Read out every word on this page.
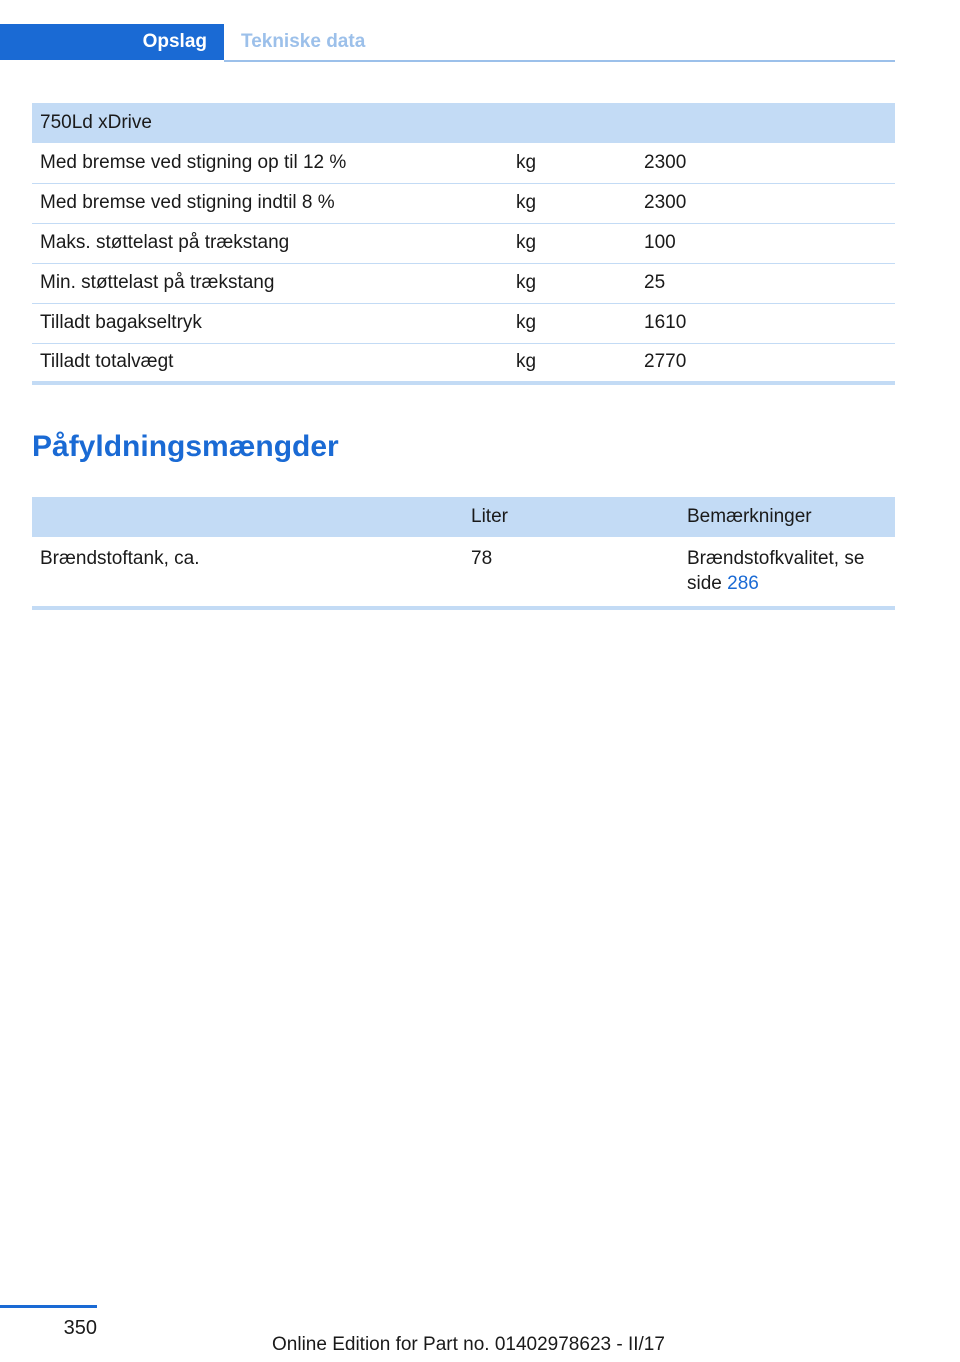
Opslag	Tekniske data
750Ld xDrive		
Med bremse ved stigning op til 12 %	kg	2300
Med bremse ved stigning indtil 8 %	kg	2300
Maks. støttelast på trækstang	kg	100
Min. støttelast på trækstang	kg	25
Tilladt bagakseltryk	kg	1610
Tilladt totalvægt	kg	2770
Påfyldningsmængder
	Liter	Bemærkninger
Brændstoftank, ca.	78	Brændstofkvalitet, se side 286
350
Online Edition for Part no. 01402978623 - II/17
